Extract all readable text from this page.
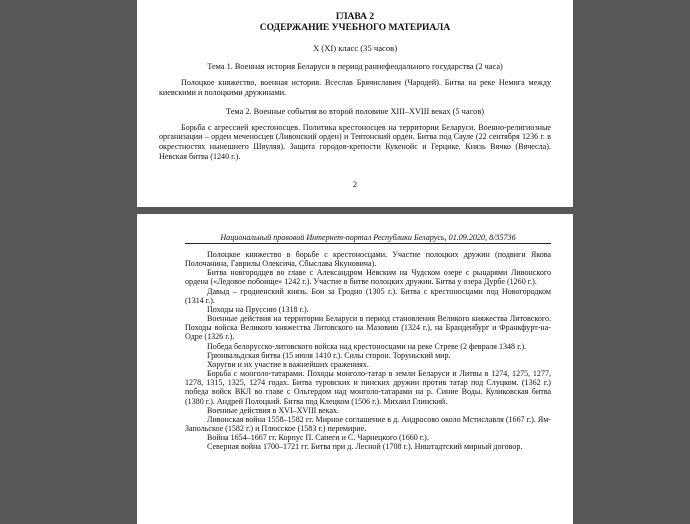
ГЛАВА 2
СОДЕРЖАНИЕ УЧЕБНОГО МАТЕРИАЛА
X (XI) класс (35 часов)
Тема 1. Военная история Беларуси в период раннефеодального государства (2 часа)
Полоцкое княжество, военная история. Всеслав Брячиславич (Чародей). Битва на реке Немига между киевскими и полоцкими дружинами.
Тема 2. Военные события во второй половине XIII–XVIII веках (5 часов)
Борьба с агрессией крестоносцев. Политика крестоносцев на территории Беларуси. Военно-религиозные организации – орден меченосцев (Ливонский орден) и Тевтонский орден. Битва под Сауле (22 сентября 1236 г. в окрестностях нынешнего Шяуляя). Защита городов-крепости Кукенойс и Герцике. Князь Вячко (Вячесла). Невская битва (1240 г.).
2
Национальный правовой Интернет-портал Республики Беларусь, 01.09.2020, 8/35736

Полоцкое княжество в борьбе с крестоносцами. Участие полоцких дружин (подвиги Якова Полочанина, Гаврилы Олексича, Сбыслава Якуновича).

Битва новгородцев во главе с Александром Невским на Чудском озере с рыцарями Ливонского ордена («Ледовое побоище» 1242 г.). Участие в битве полоцких дружин. Битва у озера Дурбе (1260 г.).

Давыд – гродненский князь. Бои за Гродно (1305 г.). Битва с крестоносцами под Новогородком (1314 г.).

Походы на Пруссию (1318 г.).

Военные действия на территории Беларуси в период становления Великого княжества Литовского. Походы войска Великого княжества Литовского на Мазовию (1324 г.), на Бранденбург и Франкфурт-на-Одре (1326 г.).

Победа белорусско-литовского войска над крестоносцами на реке Стреве (2 февраля 1348 г.).

Грюнвальдская битва (15 июля 1410 г.). Силы сторон. Торуньский мир.

Хоругви и их участие в важнейших сражениях.

Борьба с монголо-татарами. Походы монголо-татар в земли Беларуси и Литвы в 1274, 1275, 1277, 1278, 1315, 1325, 1274 годах. Битва туровских и пинских дружин против татар под Слуцком. (1362 г.) победа войск ВКЛ во главе с Ольгердом над монголо-татарами на р. Синие Воды. Куликовская битва (1380 г.). Андрей Полоцкий. Битва под Клецком (1506 г.). Михаил Глинский.

Военные действия в XVI–XVIII веках.

Ливонская война 1558–1582 гг. Мирное соглашение в д. Андросово около Мстиславля (1667 г.). Ям-Запольское (1582 г.) и Плюсское (1583 г.) перемирие.

Война 1654–1667 гг. Корпус П. Сапеги и С. Чарнецкого (1660 г.).

Северная война 1700–1721 гг. Битва при д. Лесной (1708 г.). Ништадтский мирный договор.
